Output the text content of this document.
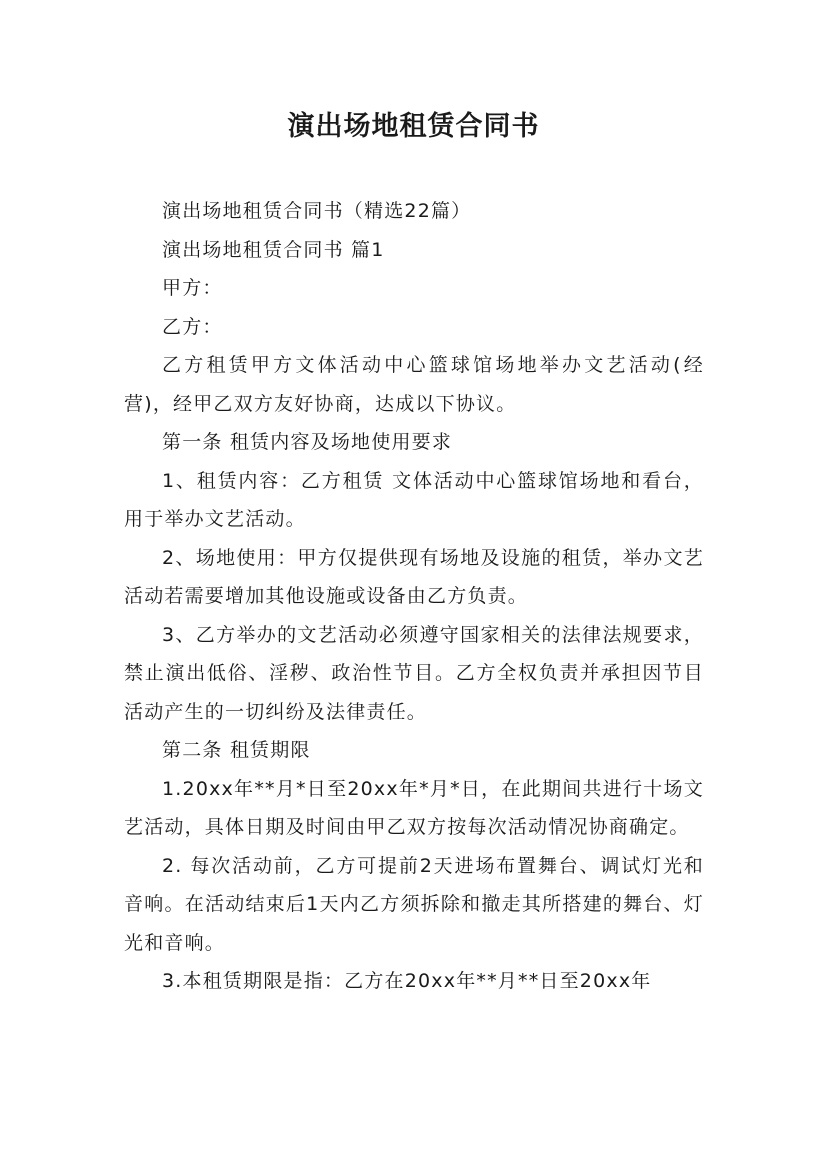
演出场地租赁合同书

演出场地租赁合同书（精选22篇）

演出场地租赁合同书 篇1

甲方：

乙方：

乙方租赁甲方文体活动中心篮球馆场地举办文艺活动(经营)，经甲乙双方友好协商，达成以下协议。

第一条 租赁内容及场地使用要求

1、租赁内容：乙方租赁 文体活动中心篮球馆场地和看台，用于举办文艺活动。

2、场地使用：甲方仅提供现有场地及设施的租赁，举办文艺活动若需要增加其他设施或设备由乙方负责。

3、乙方举办的文艺活动必须遵守国家相关的法律法规要求，禁止演出低俗、淫秽、政治性节目。乙方全权负责并承担因节目活动产生的一切纠纷及法律责任。

第二条 租赁期限

1.20xx年**月*日至20xx年*月*日，在此期间共进行十场文艺活动，具体日期及时间由甲乙双方按每次活动情况协商确定。

2. 每次活动前，乙方可提前2天进场布置舞台、调试灯光和音响。在活动结束后1天内乙方须拆除和撤走其所搭建的舞台、灯光和音响。

3.本租赁期限是指：乙方在20xx年**月**日至20xx年
